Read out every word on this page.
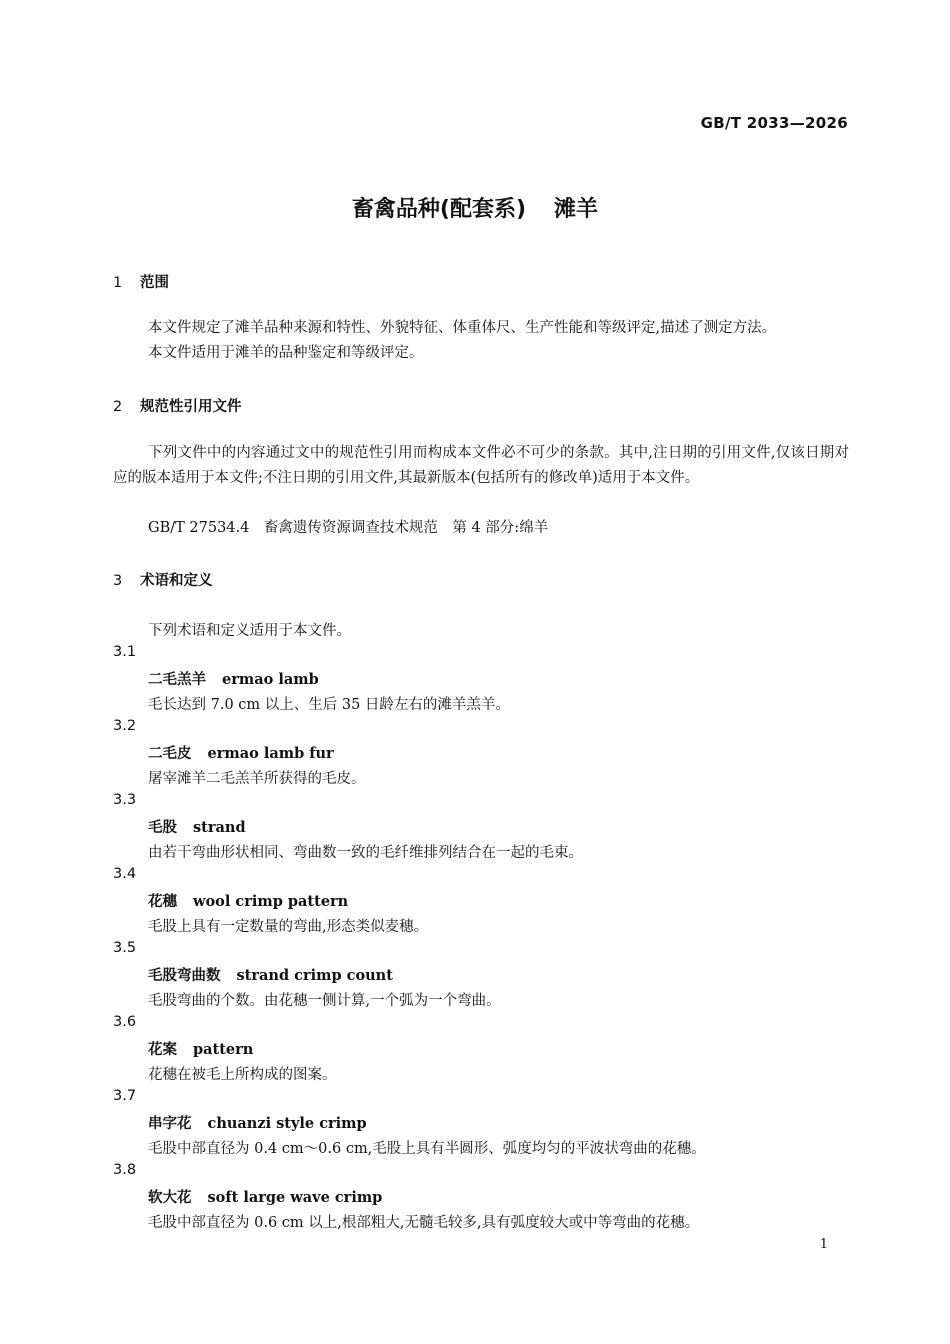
GB/T 2033—2026
畜禽品种(配套系) 滩羊
1 范围
本文件规定了滩羊品种来源和特性、外貌特征、体重体尺、生产性能和等级评定,描述了测定方法。
本文件适用于滩羊的品种鉴定和等级评定。
2 规范性引用文件
下列文件中的内容通过文中的规范性引用而构成本文件必不可少的条款。其中,注日期的引用文件,仅该日期对应的版本适用于本文件;不注日期的引用文件,其最新版本(包括所有的修改单)适用于本文件。
GB/T 27534.4　畜禽遗传资源调查技术规范　第 4 部分:绵羊
3 术语和定义
下列术语和定义适用于本文件。
3.1
二毛羔羊 ermao lamb
毛长达到 7.0 cm 以上、生后 35 日龄左右的滩羊羔羊。
3.2
二毛皮 ermao lamb fur
屠宰滩羊二毛羔羊所获得的毛皮。
3.3
毛股 strand
由若干弯曲形状相同、弯曲数一致的毛纤维排列结合在一起的毛束。
3.4
花穗 wool crimp pattern
毛股上具有一定数量的弯曲,形态类似麦穗。
3.5
毛股弯曲数 strand crimp count
毛股弯曲的个数。由花穗一侧计算,一个弧为一个弯曲。
3.6
花案 pattern
花穗在被毛上所构成的图案。
3.7
串字花 chuanzi style crimp
毛股中部直径为 0.4 cm～0.6 cm,毛股上具有半圆形、弧度均匀的平波状弯曲的花穗。
3.8
软大花 soft large wave crimp
毛股中部直径为 0.6 cm 以上,根部粗大,无髓毛较多,具有弧度较大或中等弯曲的花穗。
1
